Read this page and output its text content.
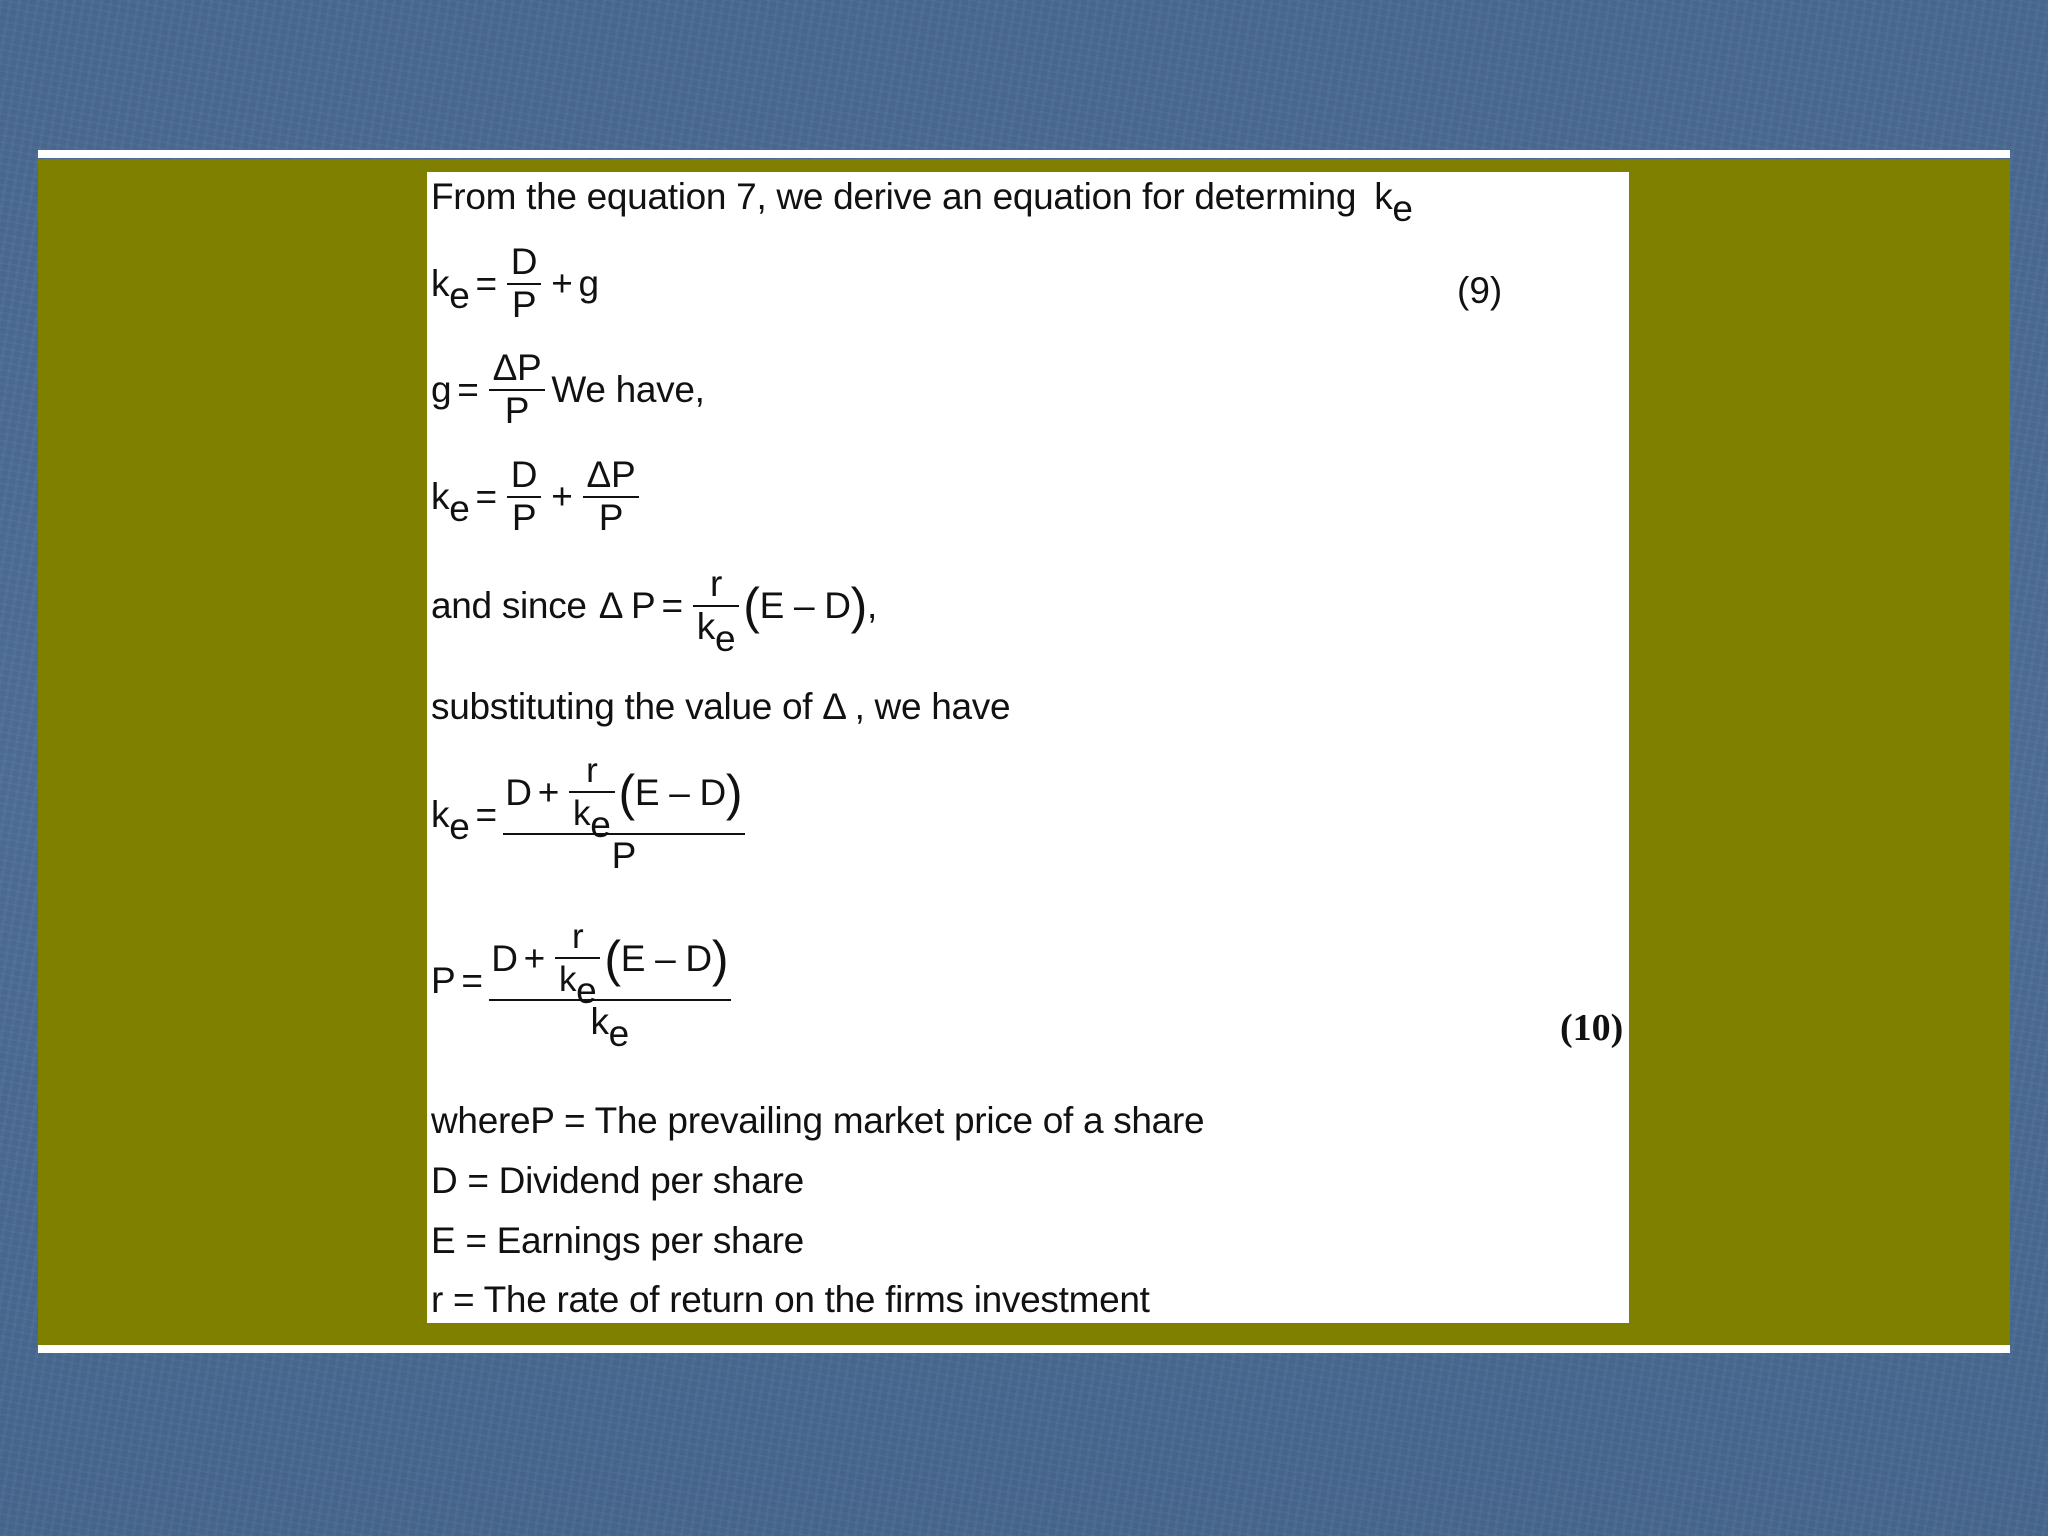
From the equation 7, we derive an equation for determing ke
k $e = \frac{D}{P} + g$	(9)
$g = \frac{\Delta P}{P}$ We have,
k $e = \frac{D}{P} + \frac{\Delta P}{P}$
and since Δ $P = \frac{r}{ke}$ ( E – D ) ,
substituting the value of Δ , we have
k e =
$D + \frac{r}{ke}$ ( E – D )
P
P =
$D + \frac{r}{ke}$ ( E – D )
ke	(10)
whereP = The prevailing market price of a share
D = Dividend per share
E = Earnings per share
r = The rate of return on the firms investment
